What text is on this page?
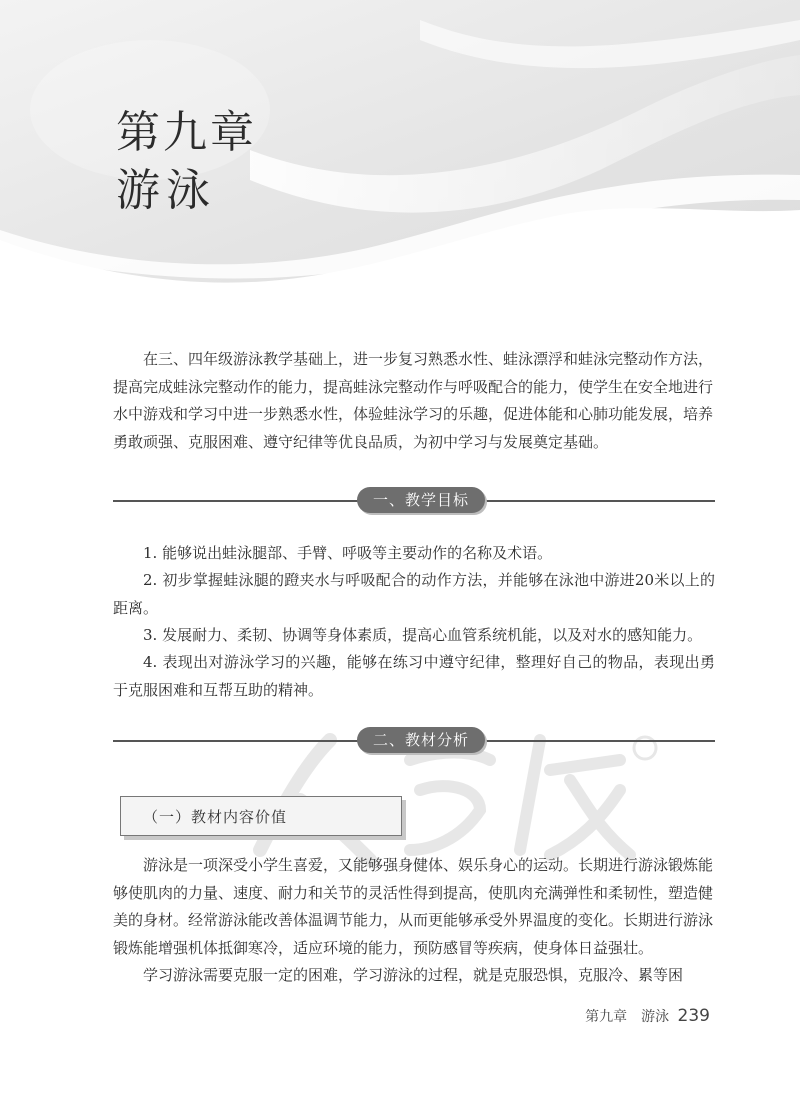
第九章
游泳

在三、四年级游泳教学基础上，进一步复习熟悉水性、蛙泳漂浮和蛙泳完整动作方法，提高完成蛙泳完整动作的能力，提高蛙泳完整动作与呼吸配合的能力，使学生在安全地进行水中游戏和学习中进一步熟悉水性，体验蛙泳学习的乐趣，促进体能和心肺功能发展，培养勇敢顽强、克服困难、遵守纪律等优良品质，为初中学习与发展奠定基础。

一、教学目标

1. 能够说出蛙泳腿部、手臂、呼吸等主要动作的名称及术语。

2. 初步掌握蛙泳腿的蹬夹水与呼吸配合的动作方法，并能够在泳池中游进20米以上的距离。

3. 发展耐力、柔韧、协调等身体素质，提高心血管系统机能，以及对水的感知能力。

4. 表现出对游泳学习的兴趣，能够在练习中遵守纪律，整理好自己的物品，表现出勇于克服困难和互帮互助的精神。

二、教材分析
（一）教材内容价值

游泳是一项深受小学生喜爱，又能够强身健体、娱乐身心的运动。长期进行游泳锻炼能够使肌肉的力量、速度、耐力和关节的灵活性得到提高，使肌肉充满弹性和柔韧性，塑造健美的身材。经常游泳能改善体温调节能力，从而更能够承受外界温度的变化。长期进行游泳锻炼能增强机体抵御寒冷，适应环境的能力，预防感冒等疾病，使身体日益强壮。

学习游泳需要克服一定的困难，学习游泳的过程，就是克服恐惧，克服冷、累等困

第九章　游泳 239
